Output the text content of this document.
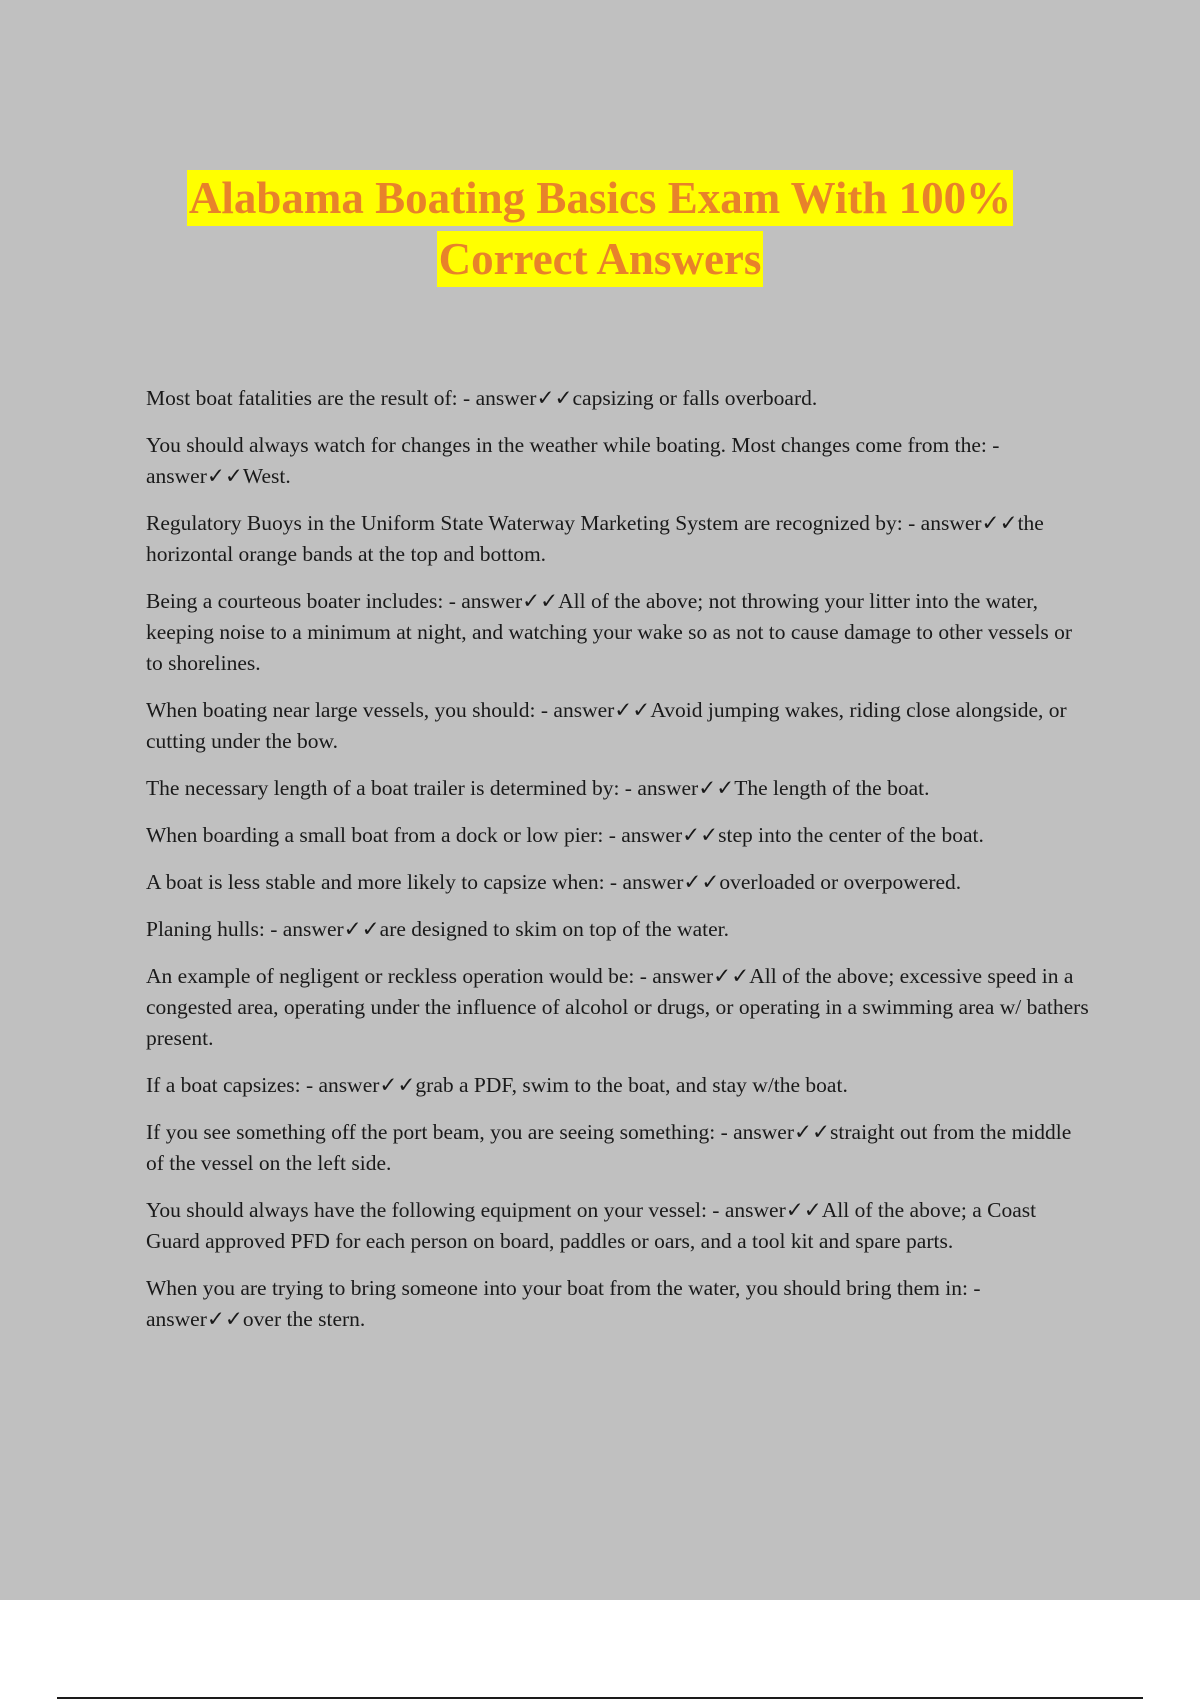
Alabama Boating Basics Exam With 100%
Correct Answers

Most boat fatalities are the result of: - answer✓✓capsizing or falls overboard.

You should always watch for changes in the weather while boating. Most changes come from the: - answer✓✓West.

Regulatory Buoys in the Uniform State Waterway Marketing System are recognized by: - answer✓✓the horizontal orange bands at the top and bottom.

Being a courteous boater includes: - answer✓✓All of the above; not throwing your litter into the water, keeping noise to a minimum at night, and watching your wake so as not to cause damage to other vessels or to shorelines.

When boating near large vessels, you should: - answer✓✓Avoid jumping wakes, riding close alongside, or cutting under the bow.

The necessary length of a boat trailer is determined by: - answer✓✓The length of the boat.

When boarding a small boat from a dock or low pier: - answer✓✓step into the center of the boat.

A boat is less stable and more likely to capsize when: - answer✓✓overloaded or overpowered.

Planing hulls: - answer✓✓are designed to skim on top of the water.

An example of negligent or reckless operation would be: - answer✓✓All of the above; excessive speed in a congested area, operating under the influence of alcohol or drugs, or operating in a swimming area w/ bathers present.

If a boat capsizes: - answer✓✓grab a PDF, swim to the boat, and stay w/the boat.

If you see something off the port beam, you are seeing something: - answer✓✓straight out from the middle of the vessel on the left side.

You should always have the following equipment on your vessel: - answer✓✓All of the above; a Coast Guard approved PFD for each person on board, paddles or oars, and a tool kit and spare parts.

When you are trying to bring someone into your boat from the water, you should bring them in: - answer✓✓over the stern.
